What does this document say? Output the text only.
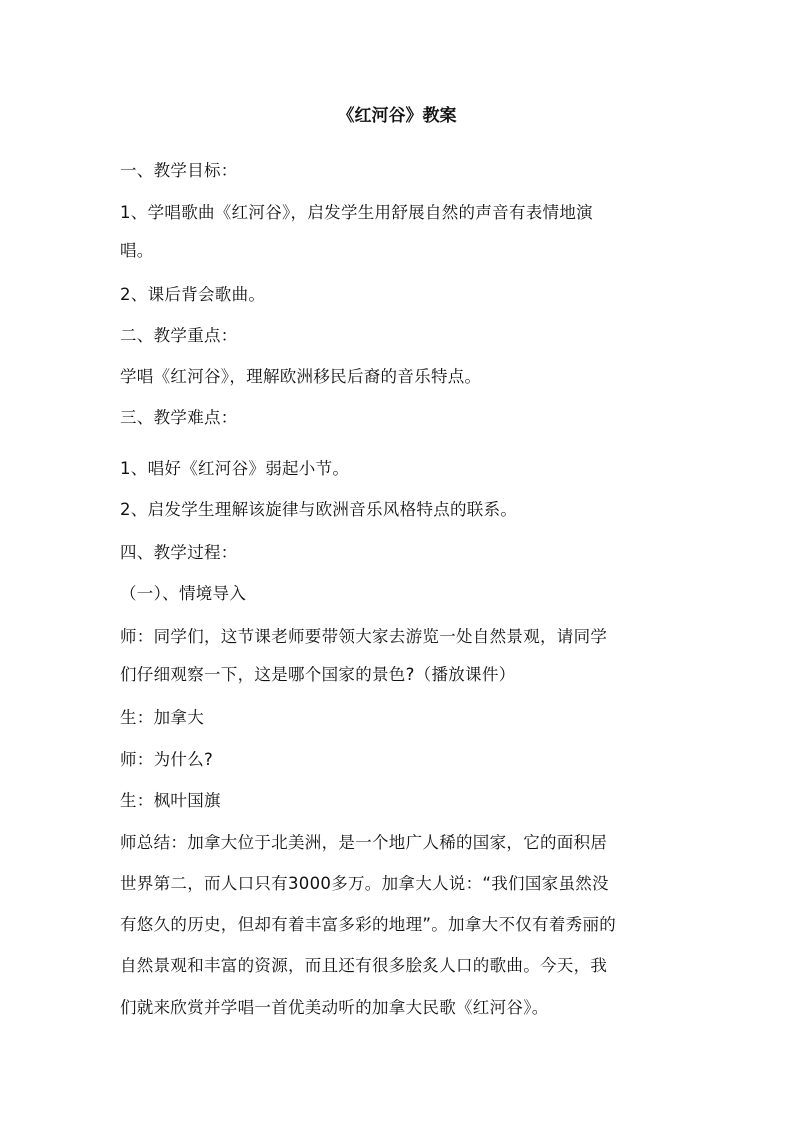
《红河谷》教案
一、教学目标：
1、学唱歌曲《红河谷》，启发学生用舒展自然的声音有表情地演
唱。
2、课后背会歌曲。
二、教学重点：
学唱《红河谷》，理解欧洲移民后裔的音乐特点。
三、教学难点：
1、唱好《红河谷》弱起小节。
2、启发学生理解该旋律与欧洲音乐风格特点的联系。
四、教学过程：
（一）、情境导入
师：同学们，这节课老师要带领大家去游览一处自然景观，请同学
们仔细观察一下，这是哪个国家的景色?（播放课件）
生：加拿大
师：为什么?
生：枫叶国旗
师总结：加拿大位于北美洲，是一个地广人稀的国家，它的面积居
世界第二，而人口只有3000多万。加拿大人说：“我们国家虽然没
有悠久的历史，但却有着丰富多彩的地理”。加拿大不仅有着秀丽的
自然景观和丰富的资源，而且还有很多脍炙人口的歌曲。今天，我
们就来欣赏并学唱一首优美动听的加拿大民歌《红河谷》。
